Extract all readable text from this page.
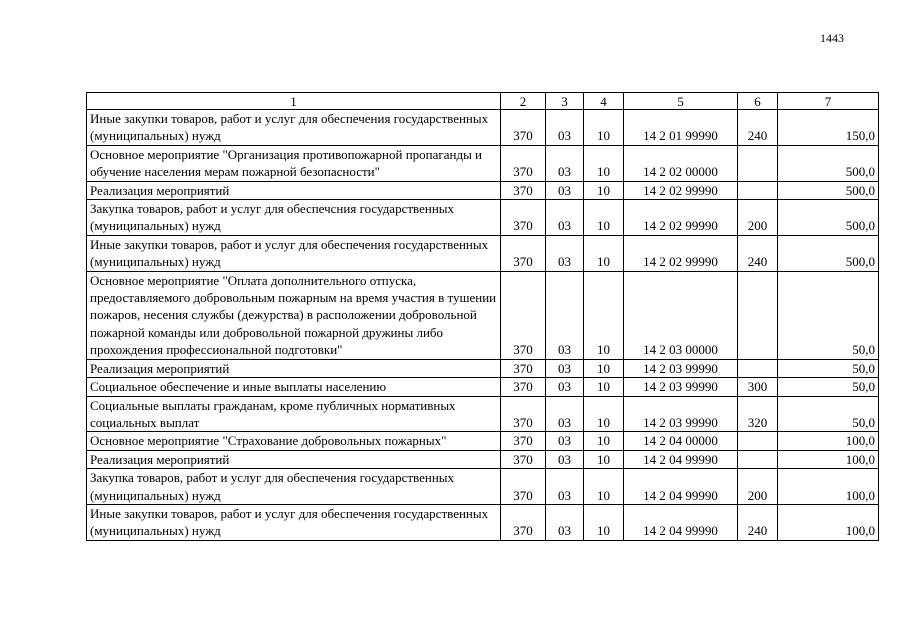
1443
1	2	3	4	5	6	7
Иные закупки товаров, работ и услуг для обеспечения государственных (муниципальных) нужд	370	03	10	14 2 01 99990	240	150,0
Основное мероприятие "Организация противопожарной пропаганды и обучение населения мерам пожарной безопасности"	370	03	10	14 2 02 00000		500,0
Реализация мероприятий	370	03	10	14 2 02 99990		500,0
Закупка товаров, работ и услуг для обеспечсния государственных (муниципальных) нужд	370	03	10	14 2 02 99990	200	500,0
Иные закупки товаров, работ и услуг для обеспечения государственных (муниципальных) нужд	370	03	10	14 2 02 99990	240	500,0
Основное мероприятие "Оплата дополнительного отпуска, предоставляемого добровольным пожарным на время участия в тушении пожаров, несения службы (дежурства) в расположении добровольной пожарной команды или добровольной пожарной дружины либо прохождения профессиональной подготовки"	370	03	10	14 2 03 00000		50,0
Реализация мероприятий	370	03	10	14 2 03 99990		50,0
Социальное обеспечение и иные выплаты населению	370	03	10	14 2 03 99990	300	50,0
Социальные выплаты гражданам, кроме публичных нормативных социальных выплат	370	03	10	14 2 03 99990	320	50,0
Основное мероприятие "Страхование добровольных пожарных"	370	03	10	14 2 04 00000		100,0
Реализация мероприятий	370	03	10	14 2 04 99990		100,0
Закупка товаров, работ и услуг для обеспечения государственных (муниципальных) нужд	370	03	10	14 2 04 99990	200	100,0
Иные закупки товаров, работ и услуг для обеспечения государственных (муниципальных) нужд	370	03	10	14 2 04 99990	240	100,0
